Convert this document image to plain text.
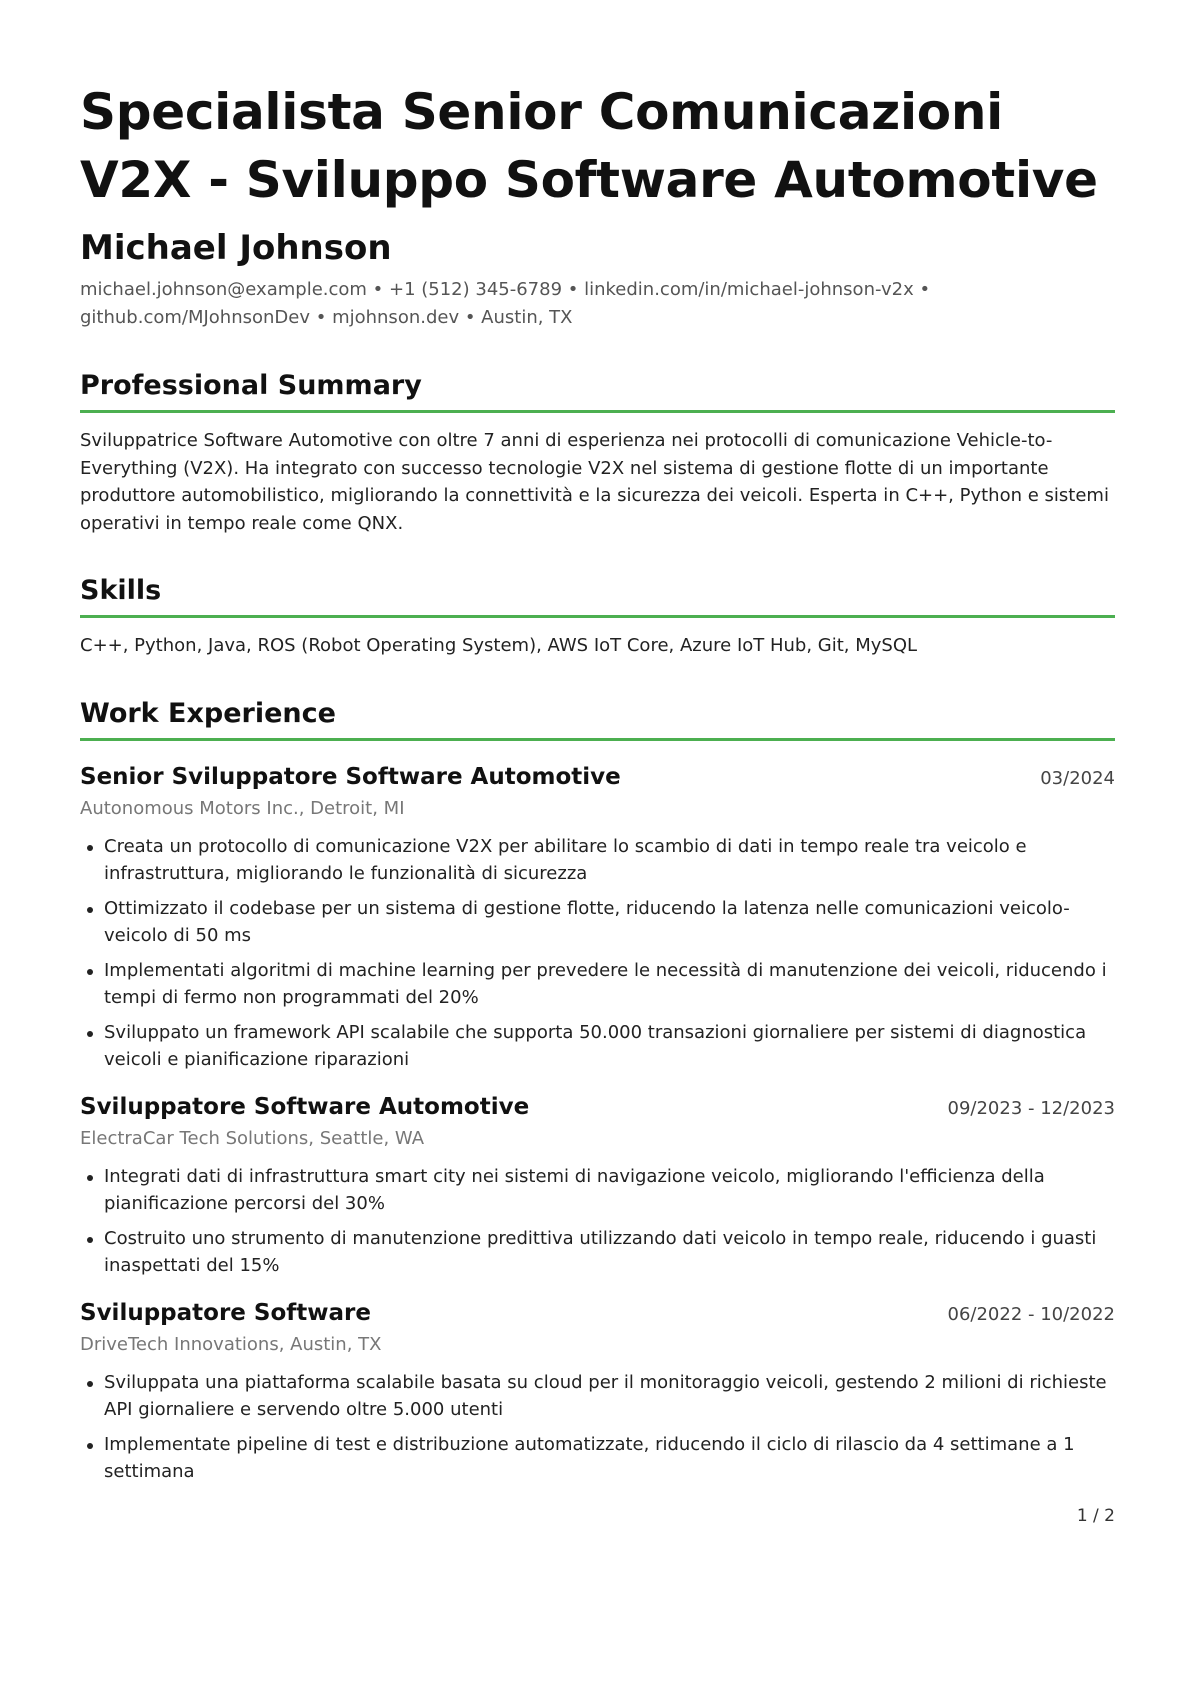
Specialista Senior Comunicazioni V2X - Sviluppo Software Automotive
Michael Johnson

michael.johnson@example.com • +1 (512) 345-6789 • linkedin.com/in/michael-johnson-v2x • github.com/MJohnsonDev • mjohnson.dev • Austin, TX

Professional Summary

Sviluppatrice Software Automotive con oltre 7 anni di esperienza nei protocolli di comunicazione Vehicle-to-Everything (V2X). Ha integrato con successo tecnologie V2X nel sistema di gestione flotte di un importante produttore automobilistico, migliorando la connettività e la sicurezza dei veicoli. Esperta in C++, Python e sistemi operativi in tempo reale come QNX.

Skills

C++, Python, Java, ROS (Robot Operating System), AWS IoT Core, Azure IoT Hub, Git, MySQL

Work Experience
Senior Sviluppatore Software Automotive	03/2024
Autonomous Motors Inc., Detroit, MI
Creata un protocollo di comunicazione V2X per abilitare lo scambio di dati in tempo reale tra veicolo e infrastruttura, migliorando le funzionalità di sicurezza
Ottimizzato il codebase per un sistema di gestione flotte, riducendo la latenza nelle comunicazioni veicolo-veicolo di 50 ms
Implementati algoritmi di machine learning per prevedere le necessità di manutenzione dei veicoli, riducendo i tempi di fermo non programmati del 20%
Sviluppato un framework API scalabile che supporta 50.000 transazioni giornaliere per sistemi di diagnostica veicoli e pianificazione riparazioni
Sviluppatore Software Automotive	09/2023 - 12/2023
ElectraCar Tech Solutions, Seattle, WA
Integrati dati di infrastruttura smart city nei sistemi di navigazione veicolo, migliorando l'efficienza della pianificazione percorsi del 30%
Costruito uno strumento di manutenzione predittiva utilizzando dati veicolo in tempo reale, riducendo i guasti inaspettati del 15%
Sviluppatore Software	06/2022 - 10/2022
DriveTech Innovations, Austin, TX
Sviluppata una piattaforma scalabile basata su cloud per il monitoraggio veicoli, gestendo 2 milioni di richieste API giornaliere e servendo oltre 5.000 utenti
Implementate pipeline di test e distribuzione automatizzate, riducendo il ciclo di rilascio da 4 settimane a 1 settimana
1 / 2
